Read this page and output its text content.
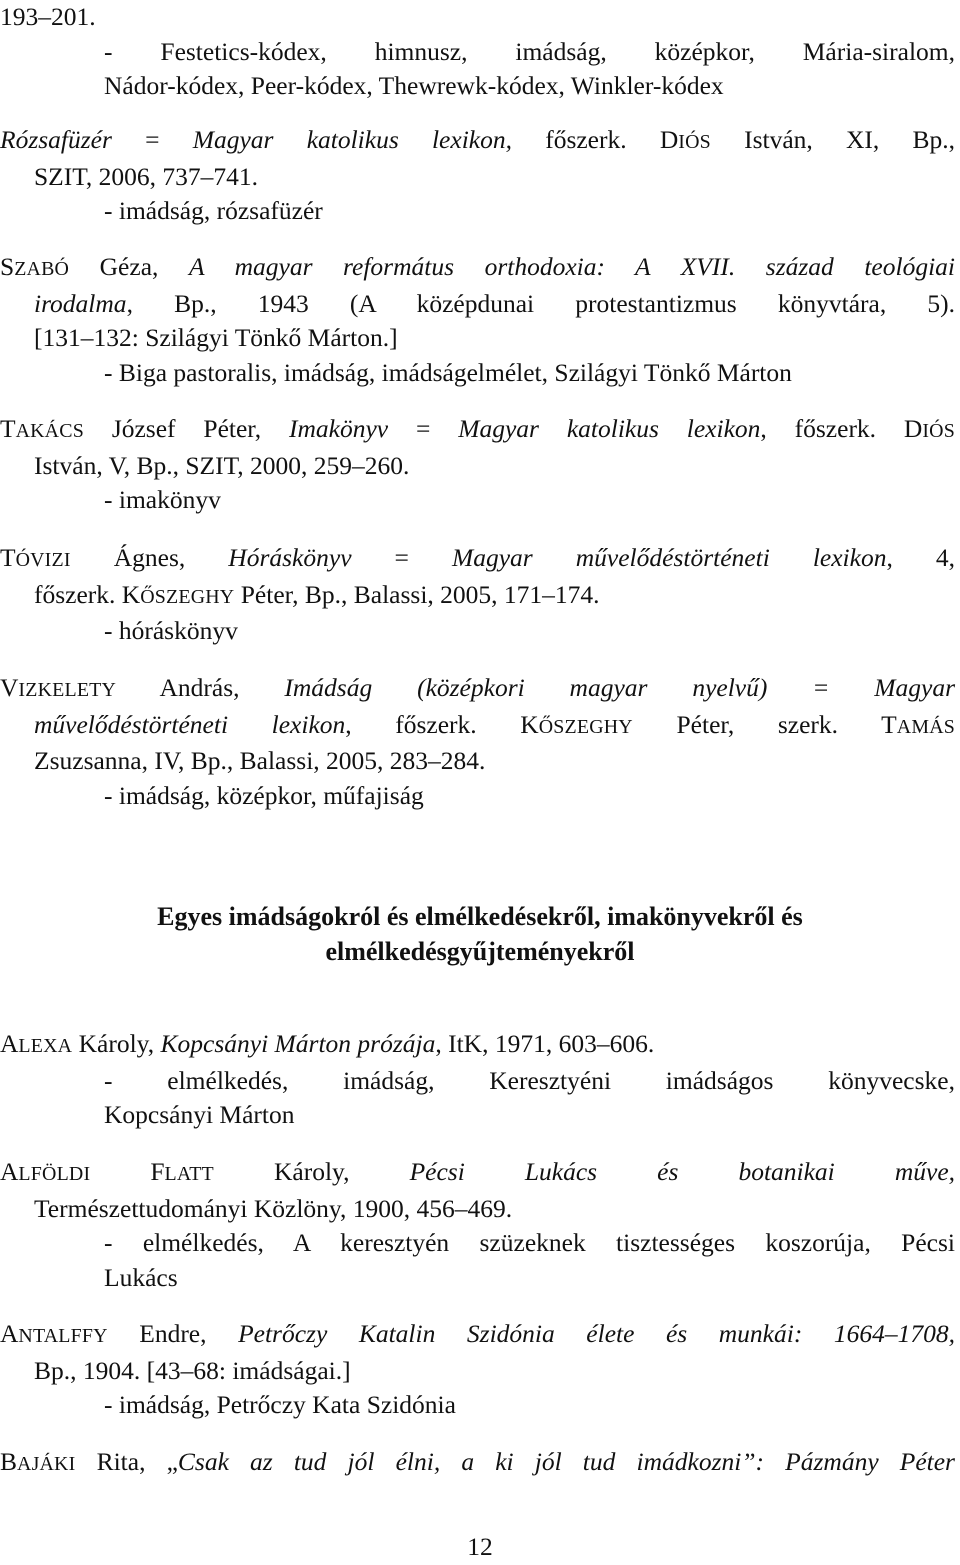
193–201.
- Festetics-kódex, himnusz, imádság, középkor, Mária-siralom,
Nádor-kódex, Peer-kódex, Thewrewk-kódex, Winkler-kódex
Rózsafüzér = Magyar katolikus lexikon, főszerk. DIÓS István, XI, Bp.,
SZIT, 2006, 737–741.
- imádság, rózsafüzér
SZABÓ Géza, A magyar református orthodoxia: A XVII. század teológiai
irodalma, Bp., 1943 (A középdunai protestantizmus könyvtára, 5).
[131–132: Szilágyi Tönkő Márton.]
- Biga pastoralis, imádság, imádságelmélet, Szilágyi Tönkő Márton
TAKÁCS József Péter, Imakönyv = Magyar katolikus lexikon, főszerk. DIÓS
István, V, Bp., SZIT, 2000, 259–260.
- imakönyv
TÓVIZI Ágnes, Hóráskönyv = Magyar művelődéstörténeti lexikon, 4,
főszerk. KŐSZEGHY Péter, Bp., Balassi, 2005, 171–174.
- hóráskönyv
VIZKELETY András, Imádság (középkori magyar nyelvű) = Magyar
művelődéstörténeti lexikon, főszerk. KŐSZEGHY Péter, szerk. TAMÁS
Zsuzsanna, IV, Bp., Balassi, 2005, 283–284.
- imádság, középkor, műfajiság
Egyes imádságokról és elmélkedésekről, imakönyvekről és
elmélkedésgyűjteményekről
ALEXA Károly, Kopcsányi Márton prózája, ItK, 1971, 603–606.
- elmélkedés, imádság, Keresztyéni imádságos könyvecske,
Kopcsányi Márton
ALFÖLDI FLATT Károly, Pécsi Lukács és botanikai műve,
Természettudományi Közlöny, 1900, 456–469.
- elmélkedés, A keresztyén szüzeknek tisztességes koszorúja, Pécsi
Lukács
ANTALFFY Endre, Petrőczy Katalin Szidónia élete és munkái: 1664–1708,
Bp., 1904. [43–68: imádságai.]
- imádság, Petrőczy Kata Szidónia
BAJÁKI Rita, „Csak az tud jól élni, a ki jól tud imádkozni”: Pázmány Péter
12
